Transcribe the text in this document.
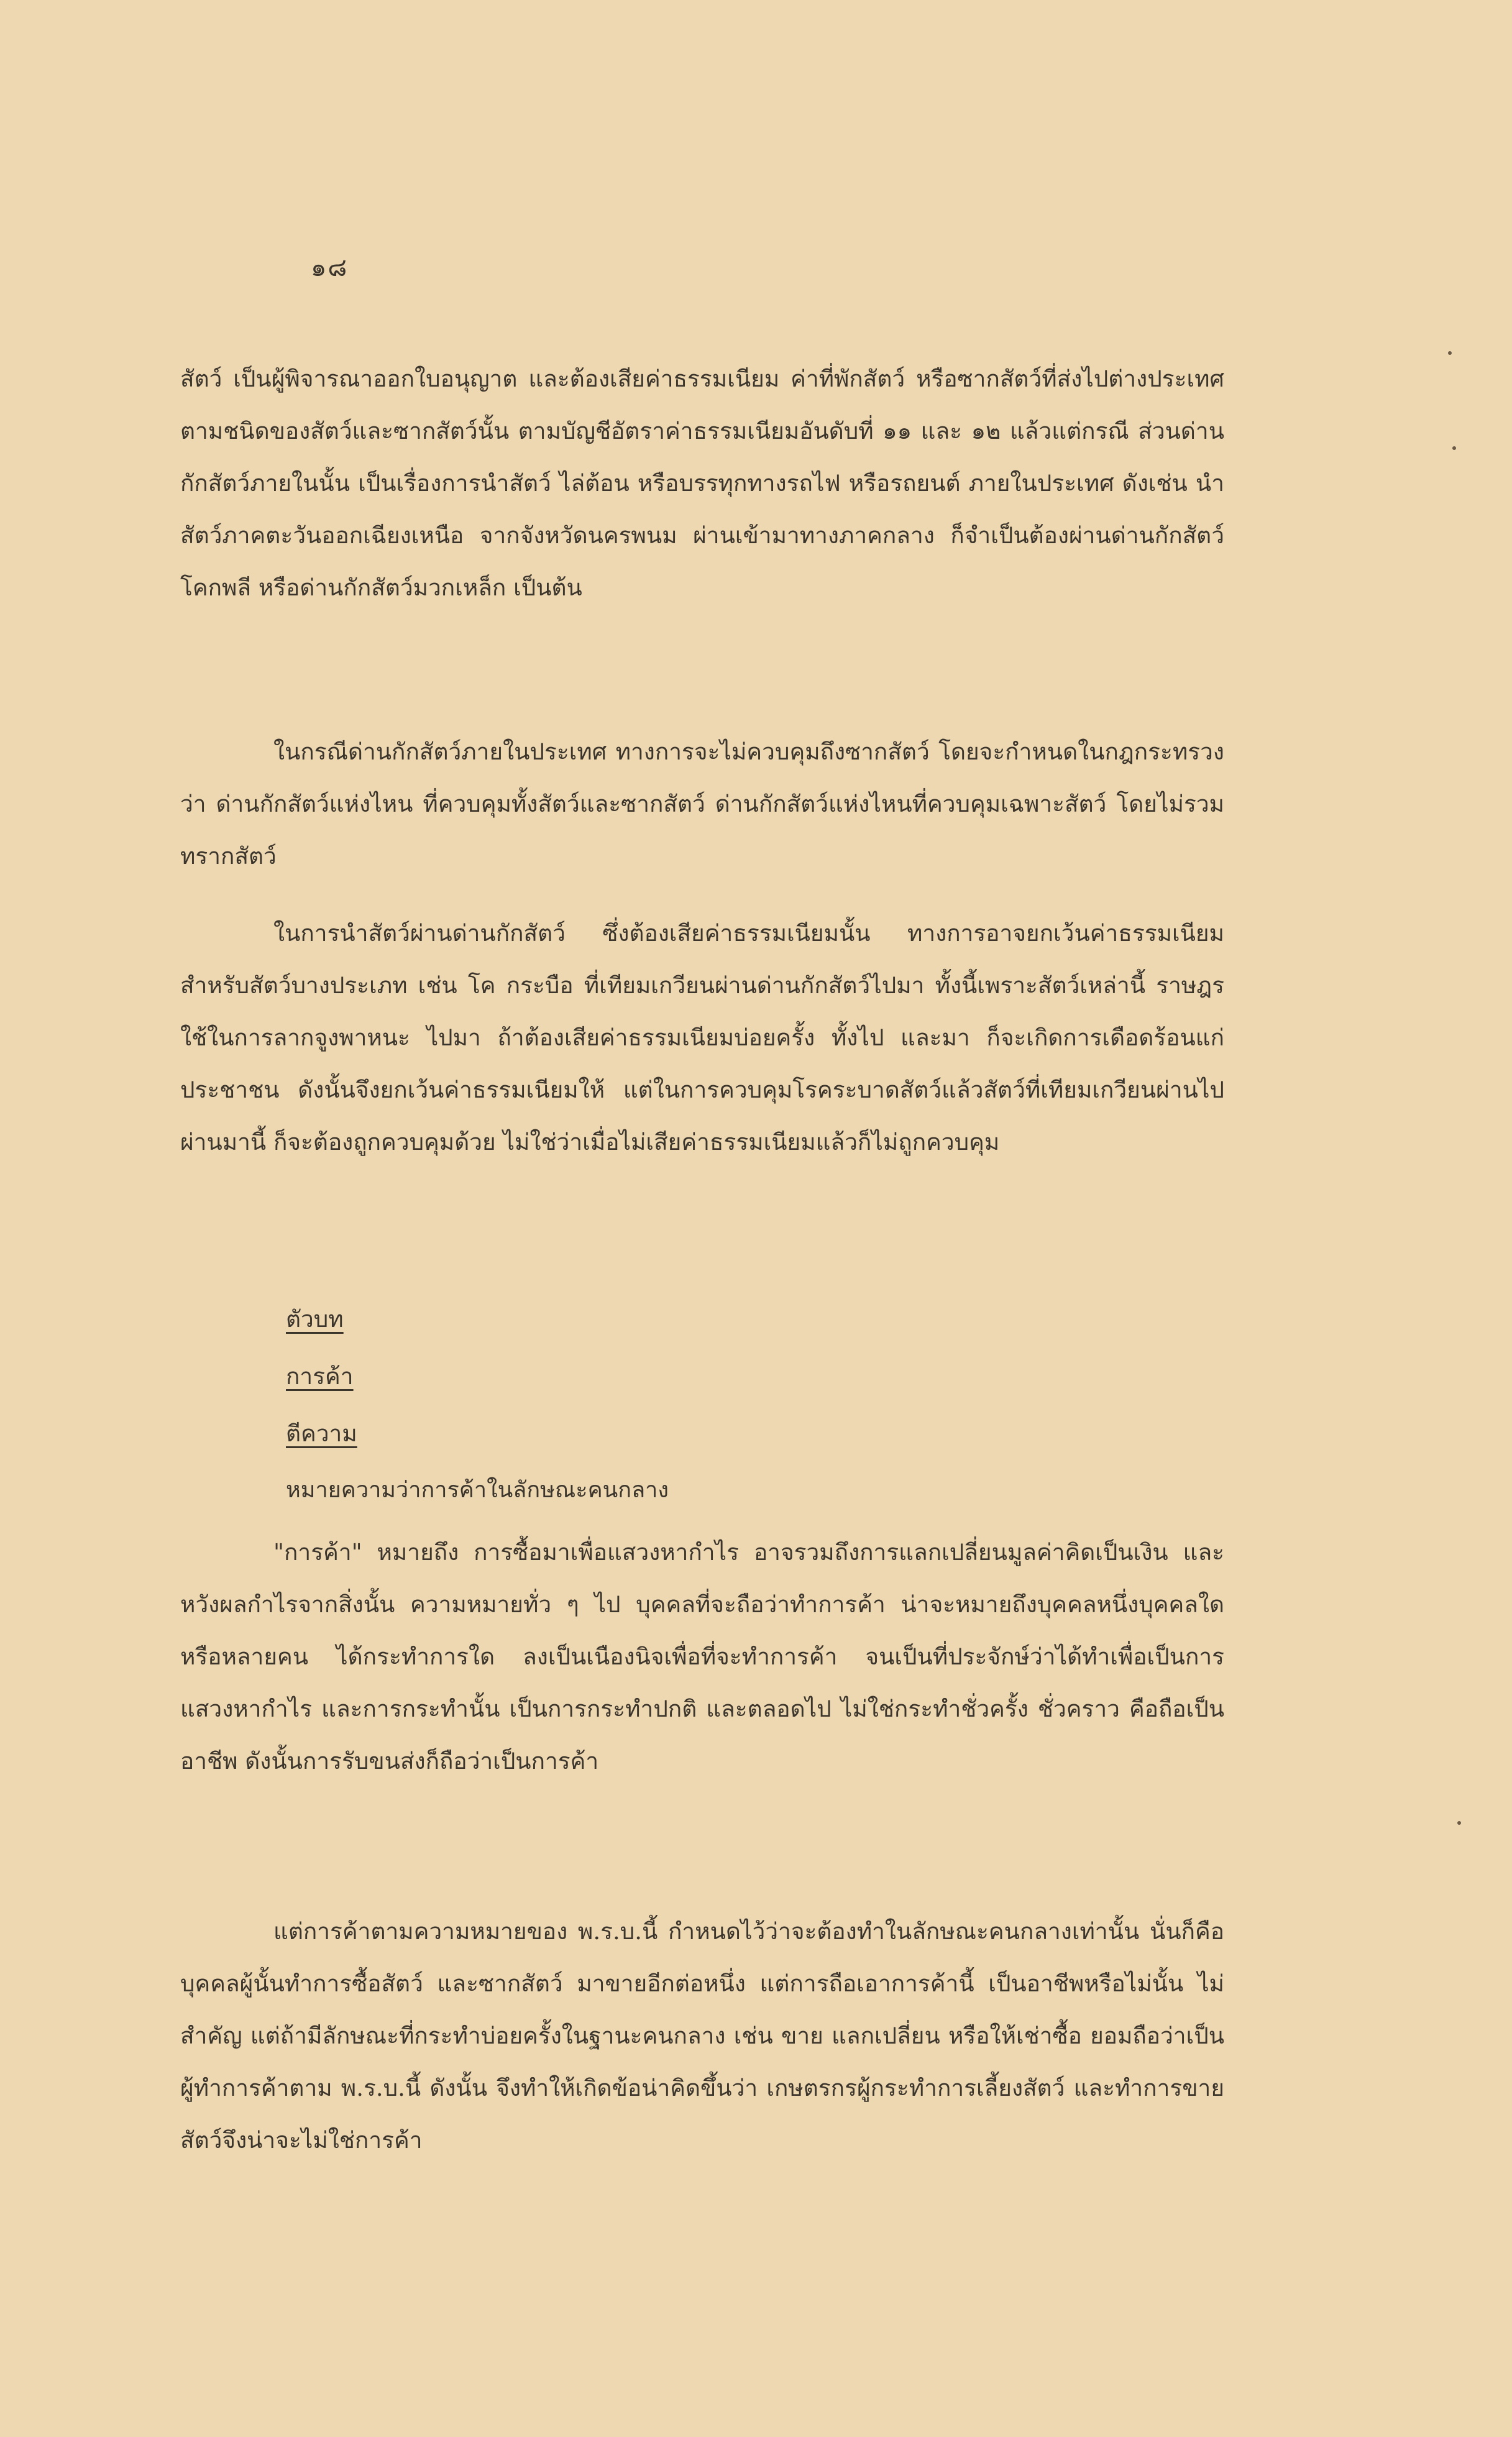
๑๘

สัตว์ เป็นผู้พิจารณาออกใบอนุญาต และต้องเสียค่าธรรมเนียม ค่าที่พักสัตว์ หรือซากสัตว์ที่ส่งไปต่างประเทศ ตามชนิดของสัตว์และซากสัตว์นั้น ตามบัญชีอัตราค่าธรรมเนียมอันดับที่ ๑๑ และ ๑๒ แล้วแต่กรณี ส่วนด่านกักสัตว์ภายในนั้น เป็นเรื่องการนำสัตว์ ไล่ต้อน หรือบรรทุกทางรถไฟ หรือรถยนต์ ภายในประเทศ ดังเช่น นำสัตว์ภาคตะวันออกเฉียงเหนือ จากจังหวัดนครพนม ผ่านเข้ามาทางภาคกลาง ก็จำเป็นต้องผ่านด่านกักสัตว์โคกพลี หรือด่านกักสัตว์มวกเหล็ก เป็นต้น

ในกรณีด่านกักสัตว์ภายในประเทศ ทางการจะไม่ควบคุมถึงซากสัตว์ โดยจะกำหนดในกฎกระทรวงว่า ด่านกักสัตว์แห่งไหน ที่ควบคุมทั้งสัตว์และซากสัตว์ ด่านกักสัตว์แห่งไหนที่ควบคุมเฉพาะสัตว์ โดยไม่รวมทรากสัตว์

ในการนำสัตว์ผ่านด่านกักสัตว์ ซึ่งต้องเสียค่าธรรมเนียมนั้น ทางการอาจยกเว้นค่าธรรมเนียมสำหรับสัตว์บางประเภท เช่น โค กระบือ ที่เทียมเกวียนผ่านด่านกักสัตว์ไปมา ทั้งนี้เพราะสัตว์เหล่านี้ ราษฎรใช้ในการลากจูงพาหนะ ไปมา ถ้าต้องเสียค่าธรรมเนียมบ่อยครั้ง ทั้งไป และมา ก็จะเกิดการเดือดร้อนแก่ประชาชน ดังนั้นจึงยกเว้นค่าธรรมเนียมให้ แต่ในการควบคุมโรคระบาดสัตว์แล้วสัตว์ที่เทียมเกวียนผ่านไปผ่านมานี้ ก็จะต้องถูกควบคุมด้วย ไม่ใช่ว่าเมื่อไม่เสียค่าธรรมเนียมแล้วก็ไม่ถูกควบคุม

ตัวบท
การค้า
ตีความ
หมายความว่าการค้าในลักษณะคนกลาง

"การค้า" หมายถึง การซื้อมาเพื่อแสวงหากำไร อาจรวมถึงการแลกเปลี่ยนมูลค่าคิดเป็นเงิน และหวังผลกำไรจากสิ่งนั้น ความหมายทั่ว ๆ ไป บุคคลที่จะถือว่าทำการค้า น่าจะหมายถึงบุคคลหนึ่งบุคคลใด หรือหลายคน ได้กระทำการใด ลงเป็นเนืองนิจเพื่อที่จะทำการค้า จนเป็นที่ประจักษ์ว่าได้ทำเพื่อเป็นการแสวงหากำไร และการกระทำนั้น เป็นการกระทำปกติ และตลอดไป ไม่ใช่กระทำชั่วครั้ง ชั่วคราว คือถือเป็นอาชีพ ดังนั้นการรับขนส่งก็ถือว่าเป็นการค้า

แต่การค้าตามความหมายของ พ.ร.บ.นี้ กำหนดไว้ว่าจะต้องทำในลักษณะคนกลางเท่านั้น นั่นก็คือ บุคคลผู้นั้นทำการซื้อสัตว์ และซากสัตว์ มาขายอีกต่อหนึ่ง แต่การถือเอาการค้านี้ เป็นอาชีพหรือไม่นั้น ไม่สำคัญ แต่ถ้ามีลักษณะที่กระทำบ่อยครั้งในฐานะคนกลาง เช่น ขาย แลกเปลี่ยน หรือให้เช่าซื้อ ยอมถือว่าเป็นผู้ทำการค้าตาม พ.ร.บ.นี้ ดังนั้น จึงทำให้เกิดข้อน่าคิดขึ้นว่า เกษตรกรผู้กระทำการเลี้ยงสัตว์ และทำการขายสัตว์จึงน่าจะไม่ใช่การค้า
